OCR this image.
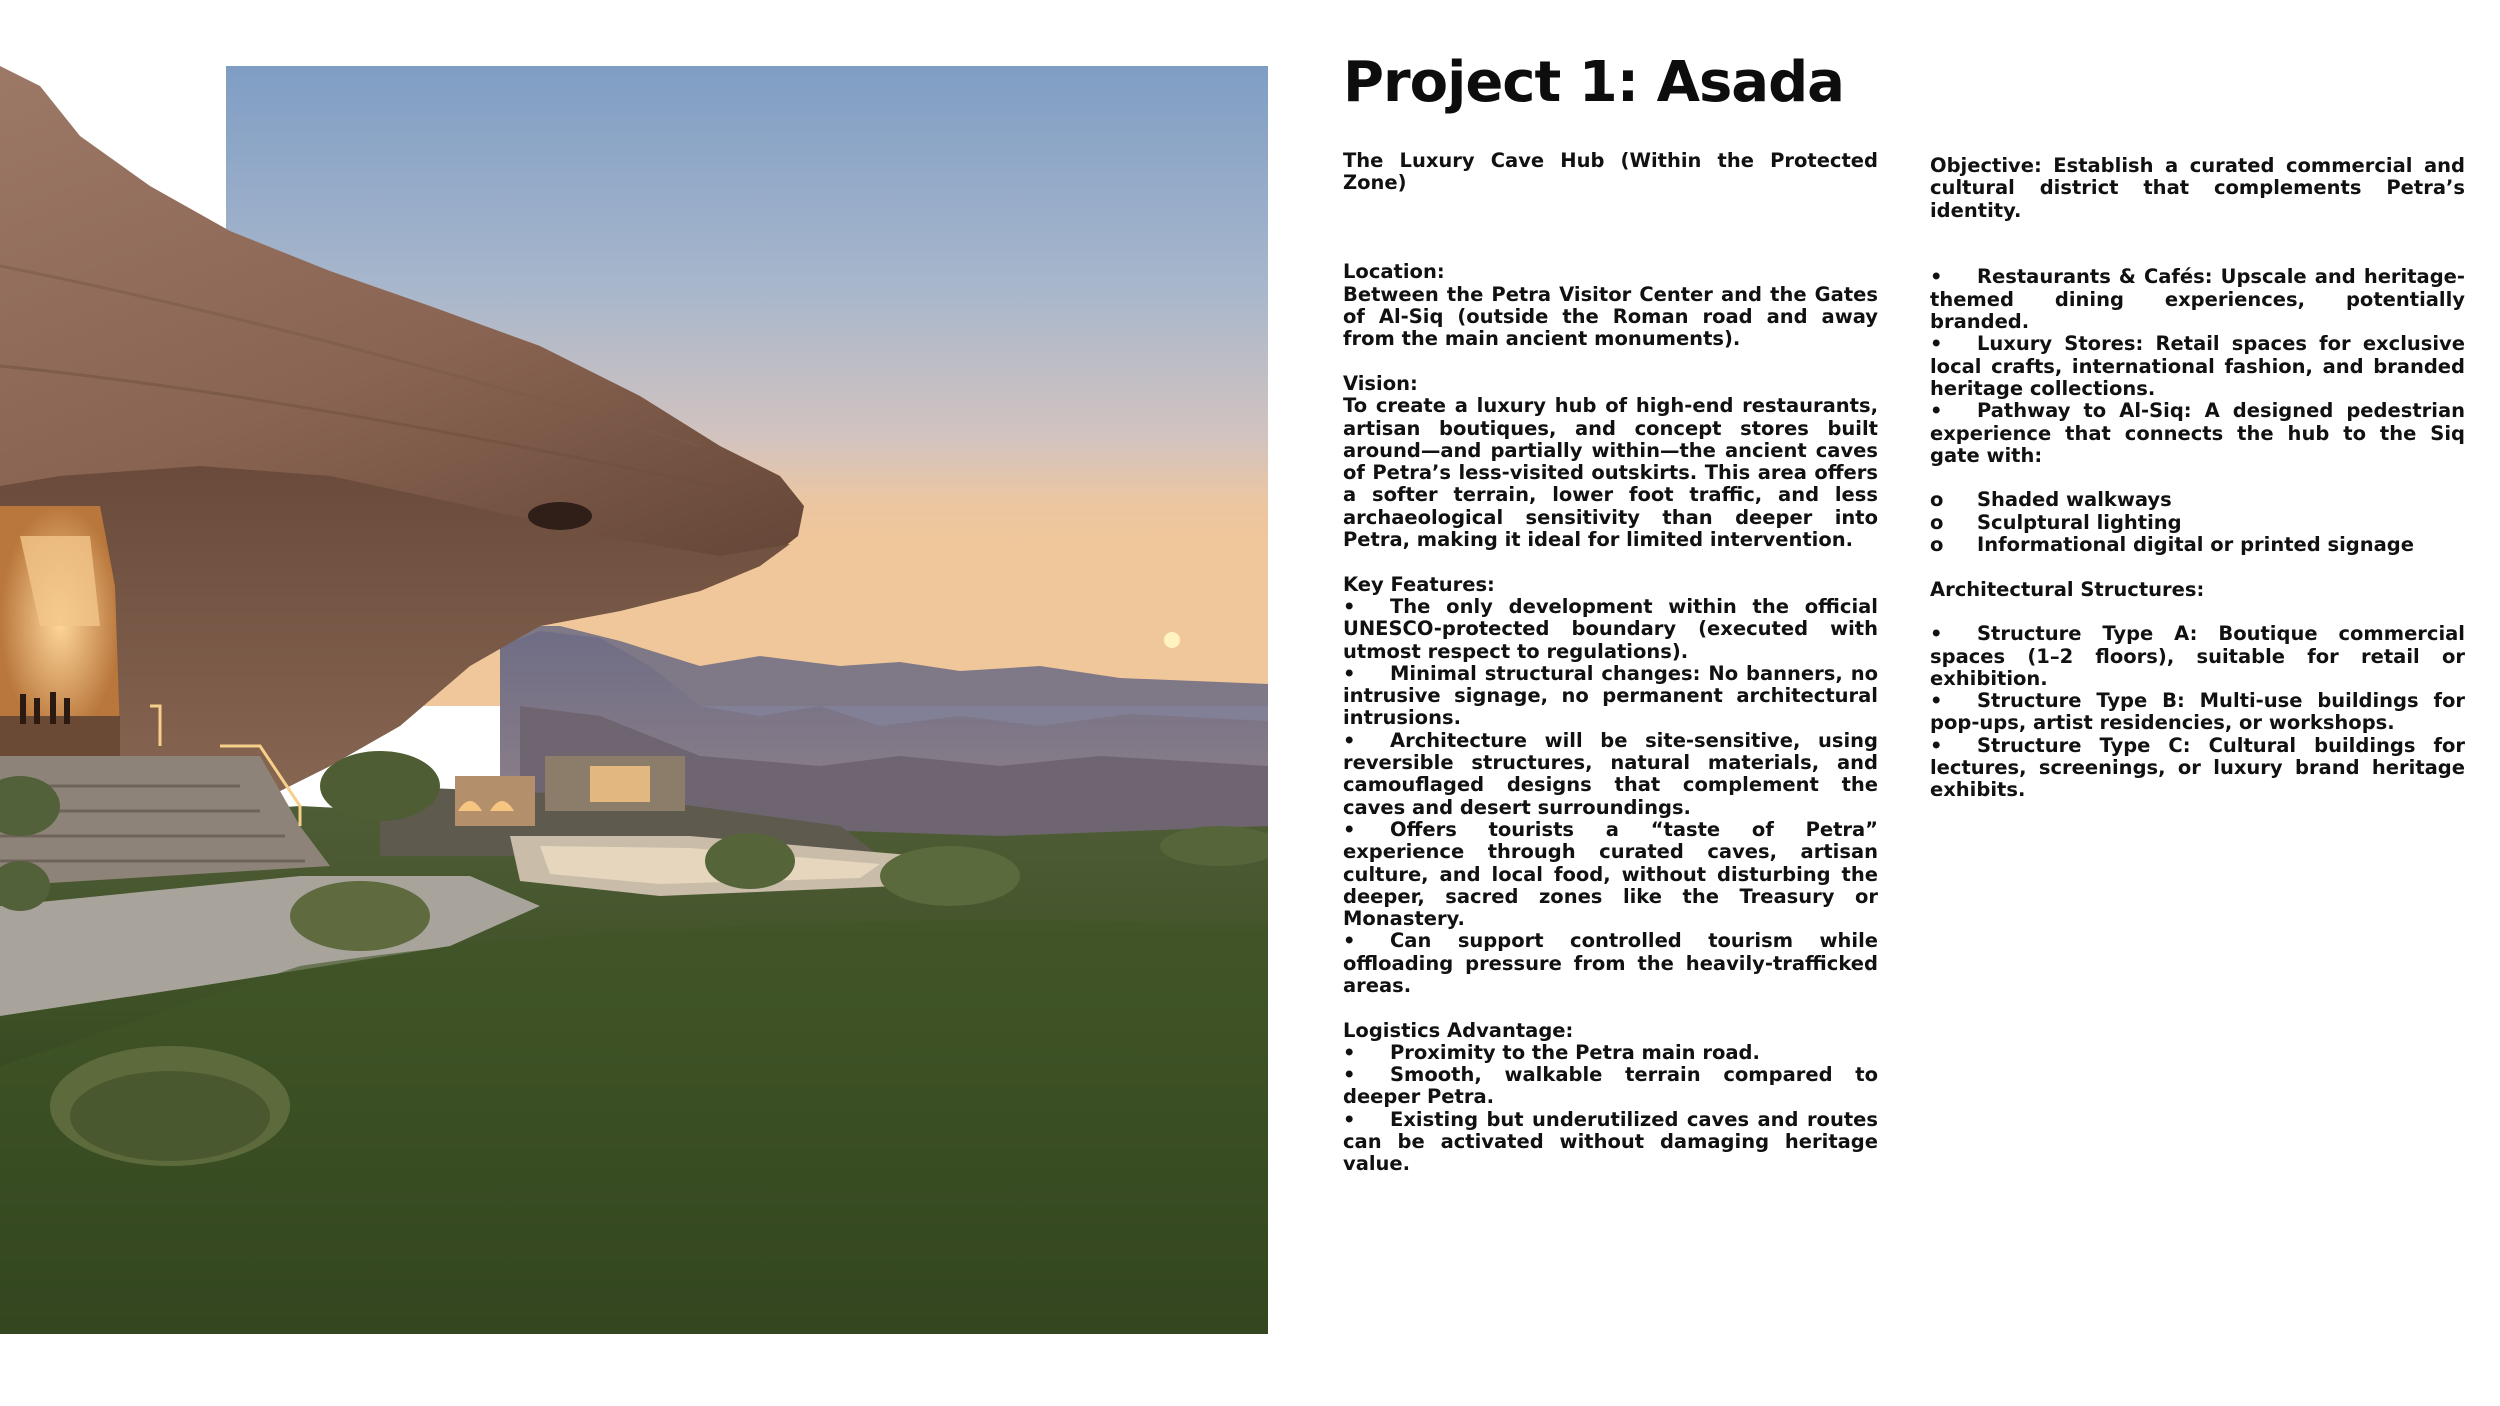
Project 1: Asada

The Luxury Cave Hub (Within the Protected Zone)

Location:

Between the Petra Visitor Center and the Gates of Al-Siq (outside the Roman road and away from the main ancient monuments).

Vision:

To create a luxury hub of high-end restaurants, artisan boutiques, and concept stores built around—and partially within—the ancient caves of Petra’s less-visited outskirts. This area offers a softer terrain, lower foot traffic, and less archaeological sensitivity than deeper into Petra, making it ideal for limited intervention.

Key Features:

• The only development within the official UNESCO-protected boundary (executed with utmost respect to regulations).
• Minimal structural changes: No banners, no intrusive signage, no permanent architectural intrusions.
• Architecture will be site-sensitive, using reversible structures, natural materials, and camouflaged designs that complement the caves and desert surroundings.
• Offers tourists a “taste of Petra” experience through curated caves, artisan culture, and local food, without disturbing the deeper, sacred zones like the Treasury or Monastery.
• Can support controlled tourism while offloading pressure from the heavily-trafficked areas.

Logistics Advantage:

• Proximity to the Petra main road.
• Smooth, walkable terrain compared to deeper Petra.
• Existing but underutilized caves and routes can be activated without damaging heritage value.

Objective: Establish a curated commercial and cultural district that complements Petra’s identity.

• Restaurants & Cafés: Upscale and heritage-themed dining experiences, potentially branded.
• Luxury Stores: Retail spaces for exclusive local crafts, international fashion, and branded heritage collections.
• Pathway to Al-Siq: A designed pedestrian experience that connects the hub to the Siq gate with:
o	Shaded walkways
o	Sculptural lighting
o	Informational digital or printed signage

Architectural Structures:

• Structure Type A: Boutique commercial spaces (1–2 floors), suitable for retail or exhibition.
• Structure Type B: Multi-use buildings for pop-ups, artist residencies, or workshops.
• Structure Type C: Cultural buildings for lectures, screenings, or luxury brand heritage exhibits.
